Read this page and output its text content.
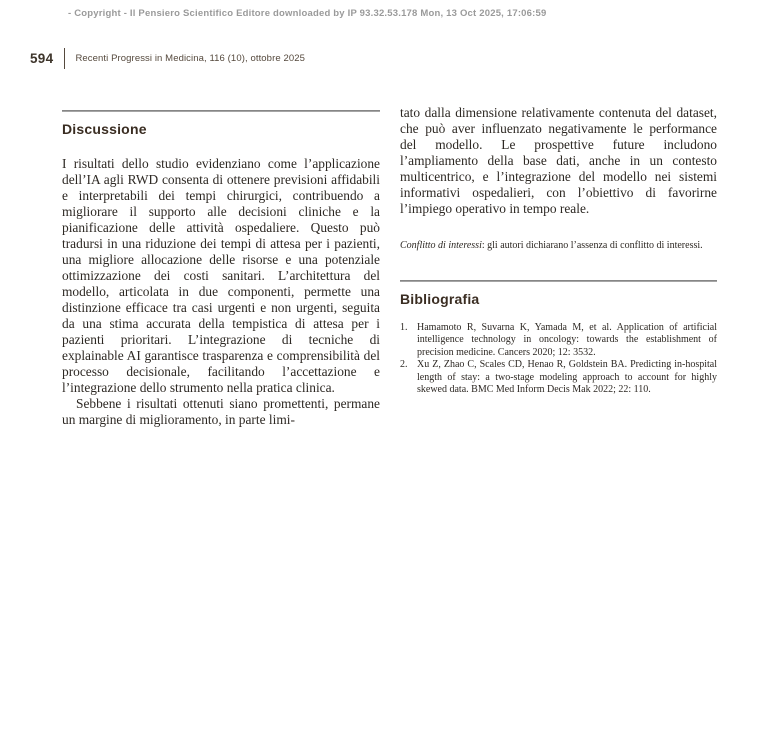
- Copyright - Il Pensiero Scientifico Editore downloaded by IP 93.32.53.178 Mon, 13 Oct 2025, 17:06:59
594 Recenti Progressi in Medicina, 116 (10), ottobre 2025
Discussione

I risultati dello studio evidenziano come l’applicazione dell’IA agli RWD consenta di ottenere previsioni affidabili e interpretabili dei tempi chirurgici, contribuendo a migliorare il supporto alle decisioni cliniche e la pianificazione delle attività ospedaliere. Questo può tradursi in una riduzione dei tempi di attesa per i pazienti, una migliore allocazione delle risorse e una potenziale ottimizzazione dei costi sanitari. L’architettura del modello, articolata in due componenti, permette una distinzione efficace tra casi urgenti e non urgenti, seguita da una stima accurata della tempistica di attesa per i pazienti prioritari. L’integrazione di tecniche di explainable AI garantisce trasparenza e comprensibilità del processo decisionale, facilitando l’accettazione e l’integrazione dello strumento nella pratica clinica.

Sebbene i risultati ottenuti siano promettenti, permane un margine di miglioramento, in parte limi-

tato dalla dimensione relativamente contenuta del dataset, che può aver influenzato negativamente le performance del modello. Le prospettive future includono l’ampliamento della base dati, anche in un contesto multicentrico, e l’integrazione del modello nei sistemi informativi ospedalieri, con l’obiettivo di favorirne l’impiego operativo in tempo reale.

Conflitto di interessi: gli autori dichiarano l’assenza di conflitto di interessi.

Bibliografia
1. Hamamoto R, Suvarna K, Yamada M, et al. Application of artificial intelligence technology in oncology: towards the establishment of precision medicine. Cancers 2020; 12: 3532.
2. Xu Z, Zhao C, Scales CD, Henao R, Goldstein BA. Predicting in-hospital length of stay: a two-stage modeling approach to account for highly skewed data. BMC Med Inform Decis Mak 2022; 22: 110.
